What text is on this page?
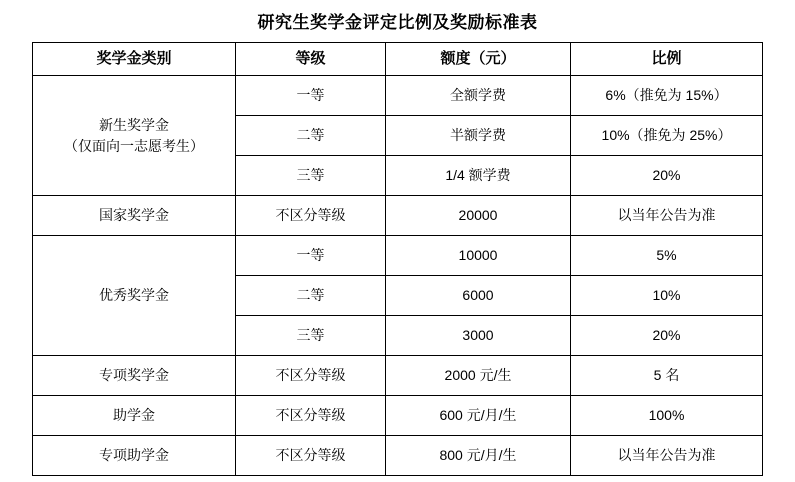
研究生奖学金评定比例及奖励标准表
奖学金类别	等级	额度（元）	比例

新生奖学金
（仅面向一志愿考生）	一等	全额学费	6%（推免为 15%）
	二等	半额学费	10%（推免为 25%）
	三等	1/4 额学费	20%
国家奖学金	不区分等级	20000	以当年公告为准
优秀奖学金	一等	10000	5%
	二等	6000	10%
	三等	3000	20%
专项奖学金	不区分等级	2000 元/生	5 名
助学金	不区分等级	600 元/月/生	100%
专项助学金	不区分等级	800 元/月/生	以当年公告为准
